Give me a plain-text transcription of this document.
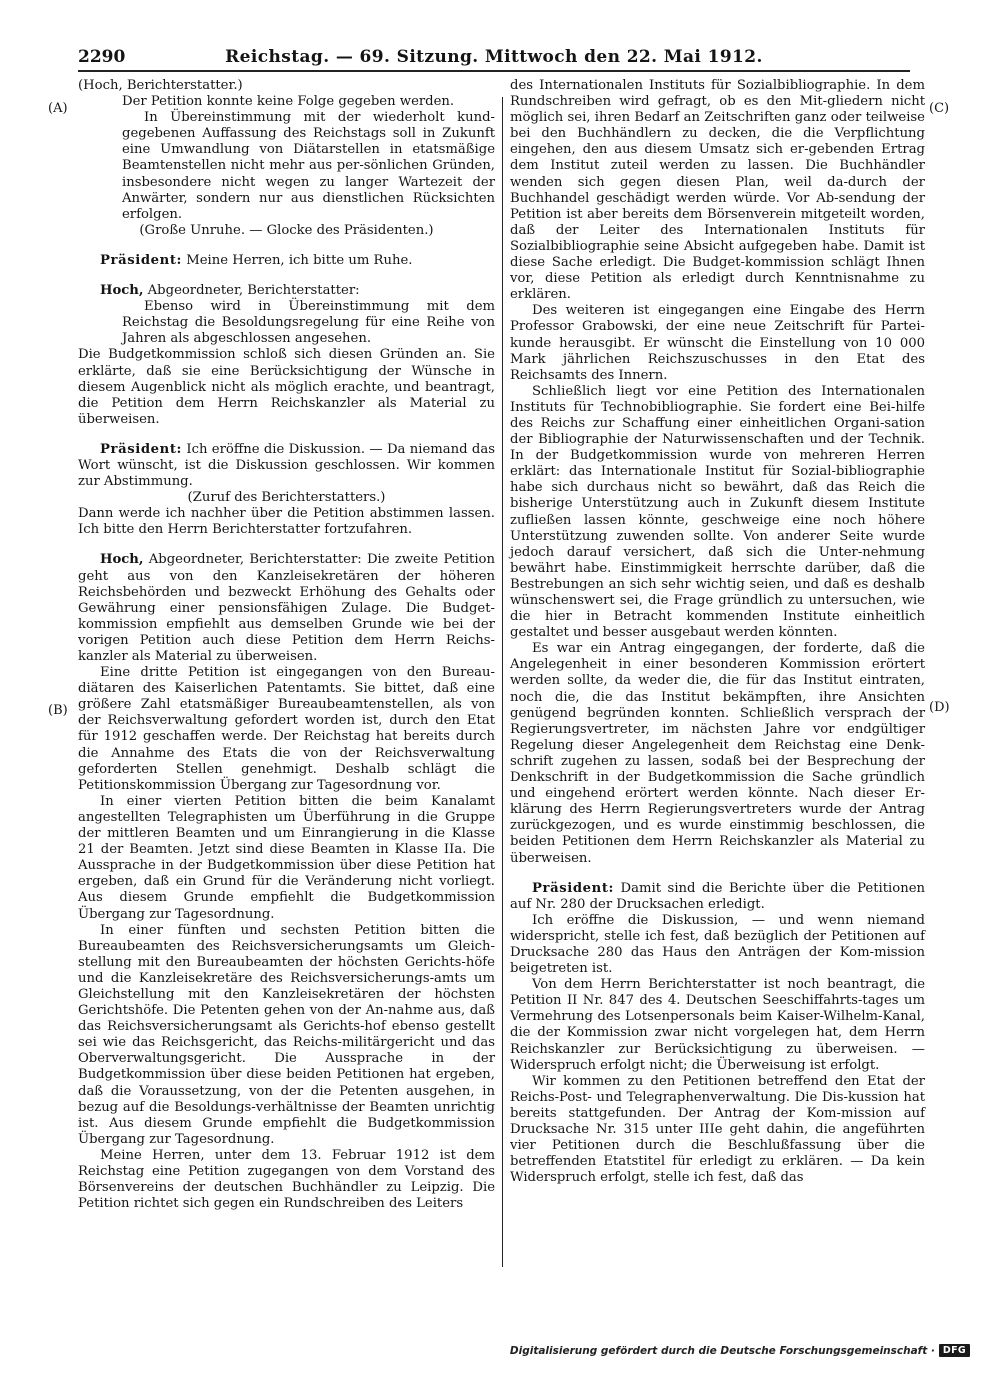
2290	Reichstag. — 69. Sitzung. Mittwoch den 22. Mai 1912.
(A)
(B)
(C)
(D)

(Hoch, Berichterstatter.)

Der Petition konnte keine Folge gegeben werden.

In Übereinstimmung mit der wiederholt kund-gegebenen Auffassung des Reichstags soll in Zukunft eine Umwandlung von Diätarstellen in etatsmäßige Beamtenstellen nicht mehr aus per-sönlichen Gründen, insbesondere nicht wegen zu langer Wartezeit der Anwärter, sondern nur aus dienstlichen Rücksichten erfolgen.

(Große Unruhe. — Glocke des Präsidenten.)

Präsident: Meine Herren, ich bitte um Ruhe.

Hoch, Abgeordneter, Berichterstatter:

Ebenso wird in Übereinstimmung mit dem Reichstag die Besoldungsregelung für eine Reihe von Jahren als abgeschlossen angesehen.

Die Budgetkommission schloß sich diesen Gründen an. Sie erklärte, daß sie eine Berücksichtigung der Wünsche in diesem Augenblick nicht als möglich erachte, und beantragt, die Petition dem Herrn Reichskanzler als Material zu überweisen.

Präsident: Ich eröffne die Diskussion. — Da niemand das Wort wünscht, ist die Diskussion geschlossen. Wir kommen zur Abstimmung.

(Zuruf des Berichterstatters.)

Dann werde ich nachher über die Petition abstimmen lassen. Ich bitte den Herrn Berichterstatter fortzufahren.

Hoch, Abgeordneter, Berichterstatter: Die zweite Petition geht aus von den Kanzleisekretären der höheren Reichsbehörden und bezweckt Erhöhung des Gehalts oder Gewährung einer pensionsfähigen Zulage. Die Budget-kommission empfiehlt aus demselben Grunde wie bei der vorigen Petition auch diese Petition dem Herrn Reichs-kanzler als Material zu überweisen.

Eine dritte Petition ist eingegangen von den Bureau-diätaren des Kaiserlichen Patentamts. Sie bittet, daß eine größere Zahl etatsmäßiger Bureaubeamtenstellen, als von der Reichsverwaltung gefordert worden ist, durch den Etat für 1912 geschaffen werde. Der Reichstag hat bereits durch die Annahme des Etats die von der Reichsverwaltung geforderten Stellen genehmigt. Deshalb schlägt die Petitionskommission Übergang zur Tagesordnung vor.

In einer vierten Petition bitten die beim Kanalamt angestellten Telegraphisten um Überführung in die Gruppe der mittleren Beamten und um Einrangierung in die Klasse 21 der Beamten. Jetzt sind diese Beamten in Klasse IIa. Die Aussprache in der Budgetkommission über diese Petition hat ergeben, daß ein Grund für die Veränderung nicht vorliegt. Aus diesem Grunde empfiehlt die Budgetkommission Übergang zur Tagesordnung.

In einer fünften und sechsten Petition bitten die Bureaubeamten des Reichsversicherungsamts um Gleich-stellung mit den Bureaubeamten der höchsten Gerichts-höfe und die Kanzleisekretäre des Reichsversicherungs-amts um Gleichstellung mit den Kanzleisekretären der höchsten Gerichtshöfe. Die Petenten gehen von der An-nahme aus, daß das Reichsversicherungsamt als Gerichts-hof ebenso gestellt sei wie das Reichsgericht, das Reichs-militärgericht und das Oberverwaltungsgericht. Die Aussprache in der Budgetkommission über diese beiden Petitionen hat ergeben, daß die Voraussetzung, von der die Petenten ausgehen, in bezug auf die Besoldungs-verhältnisse der Beamten unrichtig ist. Aus diesem Grunde empfiehlt die Budgetkommission Übergang zur Tagesordnung.

Meine Herren, unter dem 13. Februar 1912 ist dem Reichstag eine Petition zugegangen von dem Vorstand des Börsenvereins der deutschen Buchhändler zu Leipzig. Die Petition richtet sich gegen ein Rundschreiben des Leiters

des Internationalen Instituts für Sozialbibliographie. In dem Rundschreiben wird gefragt, ob es den Mit-gliedern nicht möglich sei, ihren Bedarf an Zeitschriften ganz oder teilweise bei den Buchhändlern zu decken, die die Verpflichtung eingehen, den aus diesem Umsatz sich er-gebenden Ertrag dem Institut zuteil werden zu lassen. Die Buchhändler wenden sich gegen diesen Plan, weil da-durch der Buchhandel geschädigt werden würde. Vor Ab-sendung der Petition ist aber bereits dem Börsenverein mitgeteilt worden, daß der Leiter des Internationalen Instituts für Sozialbibliographie seine Absicht aufgegeben habe. Damit ist diese Sache erledigt. Die Budget-kommission schlägt Ihnen vor, diese Petition als erledigt durch Kenntnisnahme zu erklären.

Des weiteren ist eingegangen eine Eingabe des Herrn Professor Grabowski, der eine neue Zeitschrift für Partei-kunde herausgibt. Er wünscht die Einstellung von 10 000 Mark jährlichen Reichszuschusses in den Etat des Reichsamts des Innern.

Schließlich liegt vor eine Petition des Internationalen Instituts für Technobibliographie. Sie fordert eine Bei-hilfe des Reichs zur Schaffung einer einheitlichen Organi-sation der Bibliographie der Naturwissenschaften und der Technik. In der Budgetkommission wurde von mehreren Herren erklärt: das Internationale Institut für Sozial-bibliographie habe sich durchaus nicht so bewährt, daß das Reich die bisherige Unterstützung auch in Zukunft diesem Institute zufließen lassen könnte, geschweige eine noch höhere Unterstützung zuwenden sollte. Von anderer Seite wurde jedoch darauf versichert, daß sich die Unter-nehmung bewährt habe. Einstimmigkeit herrschte darüber, daß die Bestrebungen an sich sehr wichtig seien, und daß es deshalb wünschenswert sei, die Frage gründlich zu untersuchen, wie die hier in Betracht kommenden Institute einheitlich gestaltet und besser ausgebaut werden könnten.

Es war ein Antrag eingegangen, der forderte, daß die Angelegenheit in einer besonderen Kommission erörtert werden sollte, da weder die, die für das Institut eintraten, noch die, die das Institut bekämpften, ihre Ansichten genügend begründen konnten. Schließlich versprach der Regierungsvertreter, im nächsten Jahre vor endgültiger Regelung dieser Angelegenheit dem Reichstag eine Denk-schrift zugehen zu lassen, sodaß bei der Besprechung der Denkschrift in der Budgetkommission die Sache gründlich und eingehend erörtert werden könnte. Nach dieser Er-klärung des Herrn Regierungsvertreters wurde der Antrag zurückgezogen, und es wurde einstimmig beschlossen, die beiden Petitionen dem Herrn Reichskanzler als Material zu überweisen.

Präsident: Damit sind die Berichte über die Petitionen auf Nr. 280 der Drucksachen erledigt.

Ich eröffne die Diskussion, — und wenn niemand widerspricht, stelle ich fest, daß bezüglich der Petitionen auf Drucksache 280 das Haus den Anträgen der Kom-mission beigetreten ist.

Von dem Herrn Berichterstatter ist noch beantragt, die Petition II Nr. 847 des 4. Deutschen Seeschiffahrts-tages um Vermehrung des Lotsenpersonals beim Kaiser-Wilhelm-Kanal, die der Kommission zwar nicht vorgelegen hat, dem Herrn Reichskanzler zur Berücksichtigung zu überweisen. — Widerspruch erfolgt nicht; die Überweisung ist erfolgt.

Wir kommen zu den Petitionen betreffend den Etat der Reichs-Post- und Telegraphenverwaltung. Die Dis-kussion hat bereits stattgefunden. Der Antrag der Kom-mission auf Drucksache Nr. 315 unter IIIe geht dahin, die angeführten vier Petitionen durch die Beschlußfassung über die betreffenden Etatstitel für erledigt zu erklären. — Da kein Widerspruch erfolgt, stelle ich fest, daß das

Digitalisierung gefördert durch die Deutsche Forschungsgemeinschaft · DFG
